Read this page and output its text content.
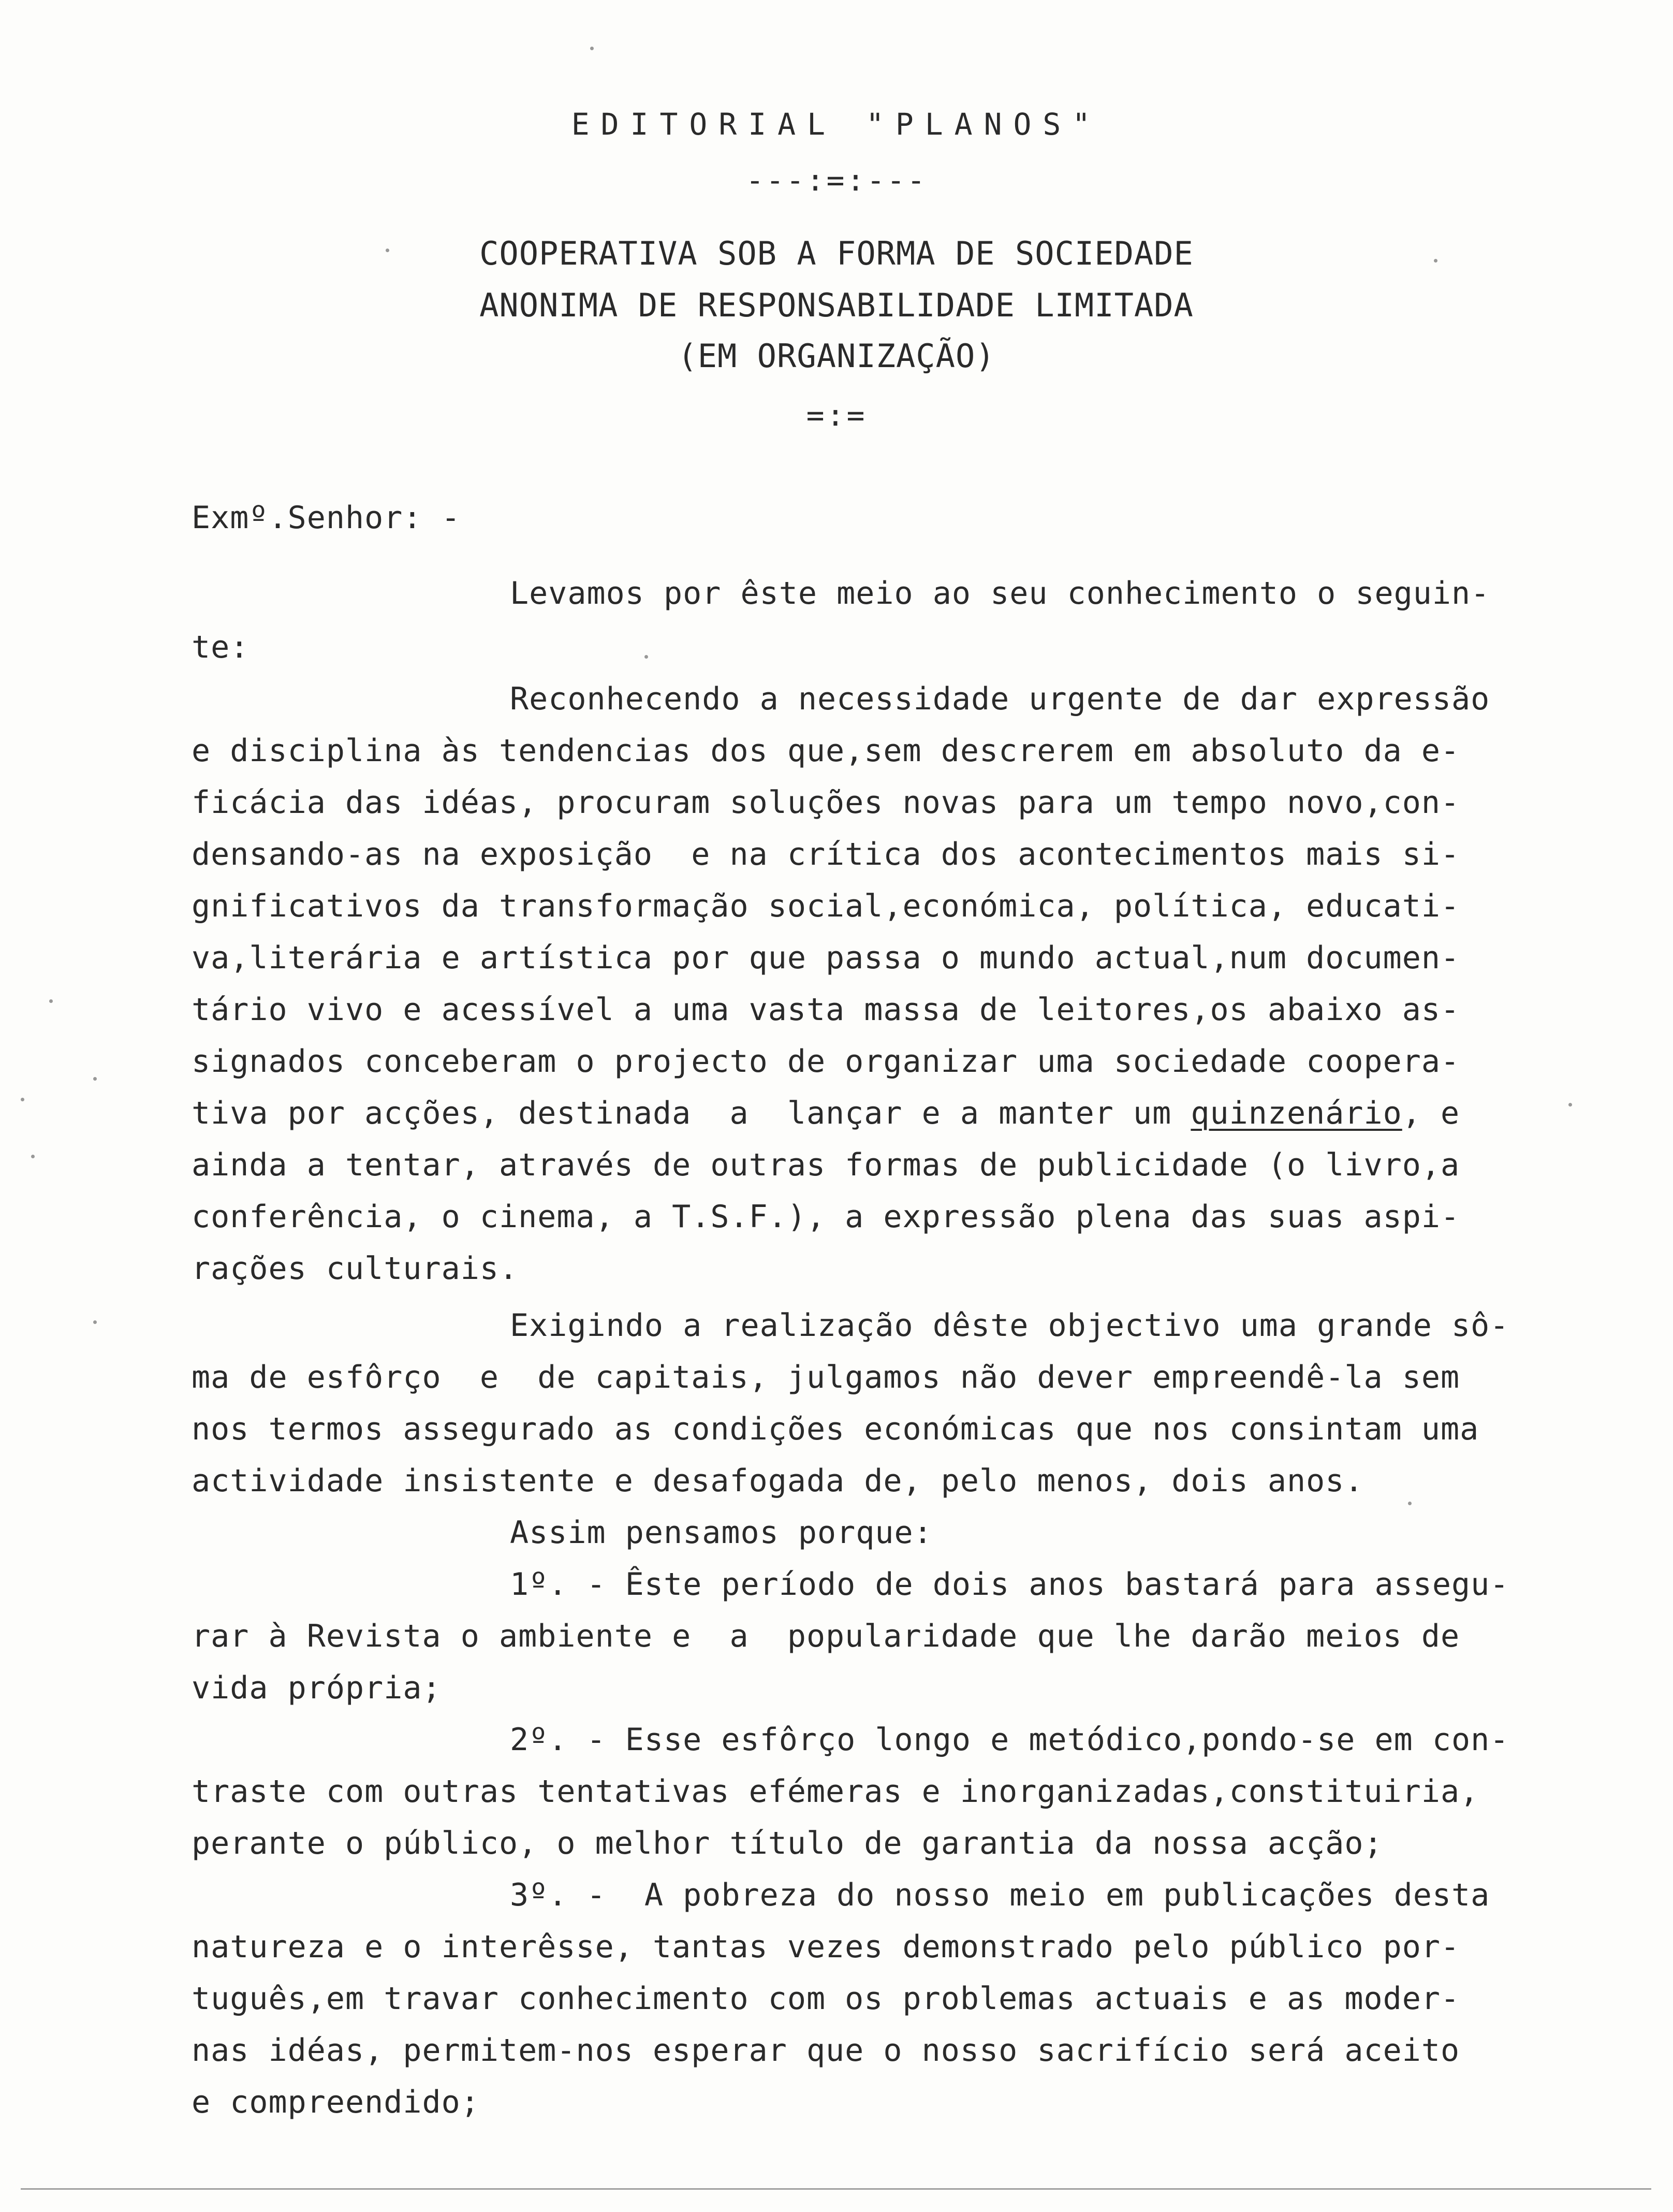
EDITORIAL "PLANOS"
---:=:---
COOPERATIVA SOB A FORMA DE SOCIEDADE
ANONIMA DE RESPONSABILIDADE LIMITADA
(EM ORGANIZAÇÃO)
=:=
Exmº.Senhor: -
Levamos por êste meio ao seu conhecimento o seguin-
te:
Reconhecendo a necessidade urgente de dar expressão
e disciplina às tendencias dos que,sem descrerem em absoluto da e-
ficácia das idéas, procuram soluções novas para um tempo novo,con-
densando-as na exposição  e na crítica dos acontecimentos mais si-
gnificativos da transformação social,económica, política, educati-
va,literária e artística por que passa o mundo actual,num documen-
tário vivo e acessível a uma vasta massa de leitores,os abaixo as-
signados conceberam o projecto de organizar uma sociedade coopera-
tiva por acções, destinada  a  lançar e a manter um quinzenário, e
ainda a tentar, através de outras formas de publicidade (o livro,a
conferência, o cinema, a T.S.F.), a expressão plena das suas aspi-
rações culturais.
Exigindo a realização dêste objectivo uma grande sô-
ma de esfôrço  e  de capitais, julgamos não dever empreendê-la sem
nos termos assegurado as condições económicas que nos consintam uma
actividade insistente e desafogada de, pelo menos, dois anos.
Assim pensamos porque:
1º. - Êste período de dois anos bastará para assegu-
rar à Revista o ambiente e  a  popularidade que lhe darão meios de
vida própria;
2º. - Esse esfôrço longo e metódico,pondo-se em con-
traste com outras tentativas efémeras e inorganizadas,constituiria,
perante o público, o melhor título de garantia da nossa acção;
3º. -  A pobreza do nosso meio em publicações desta
natureza e o interêsse, tantas vezes demonstrado pelo público por-
tuguês,em travar conhecimento com os problemas actuais e as moder-
nas idéas, permitem-nos esperar que o nosso sacrifício será aceito
e compreendido;
